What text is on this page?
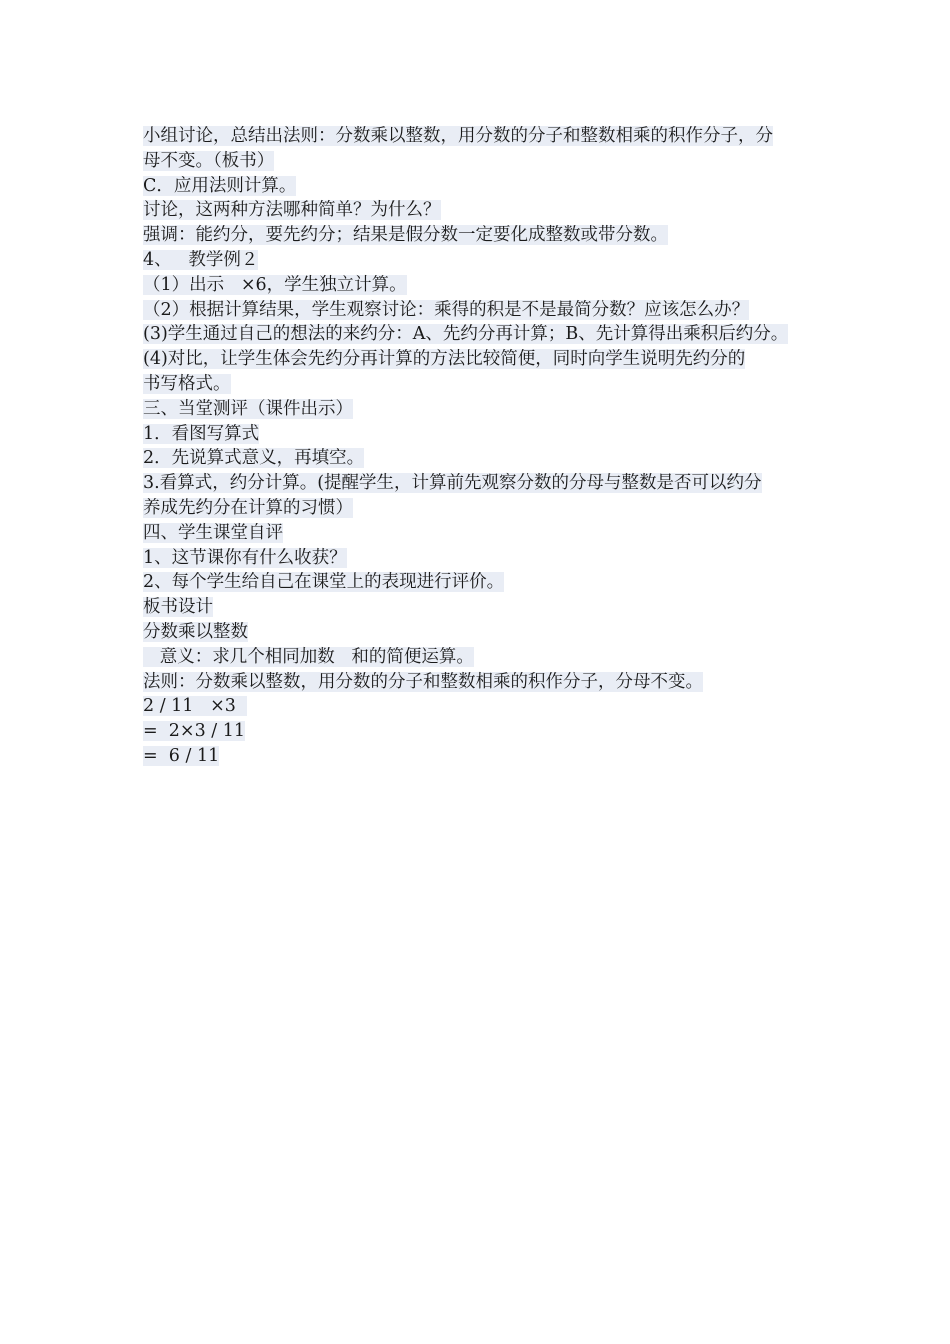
小组讨论，总结出法则：分数乘以整数，用分数的分子和整数相乘的积作分子，分
母不变。（板书）
C．应用法则计算。
讨论，这两种方法哪种简单？为什么？
强调：能约分，要先约分；结果是假分数一定要化成整数或带分数。
4、   教学例２
（1）出示   ×6，学生独立计算。
（2）根据计算结果，学生观察讨论：乘得的积是不是最简分数？应该怎么办？
(3)学生通过自己的想法的来约分：A、先约分再计算；B、先计算得出乘积后约分。
(4)对比，让学生体会先约分再计算的方法比较简便，同时向学生说明先约分的
书写格式。
三、当堂测评（课件出示）
1．看图写算式
2．先说算式意义，再填空。
3.看算式，约分计算。(提醒学生，计算前先观察分数的分母与整数是否可以约分
养成先约分在计算的习惯）
四、学生课堂自评
1、这节课你有什么收获？
2、每个学生给自己在课堂上的表现进行评价。
板书设计
分数乘以整数
意义：求几个相同加数   和的简便运算。
法则：分数乘以整数，用分数的分子和整数相乘的积作分子，分母不变。
2 / 11   ×3
=  2×3 / 11
=  6 / 11
